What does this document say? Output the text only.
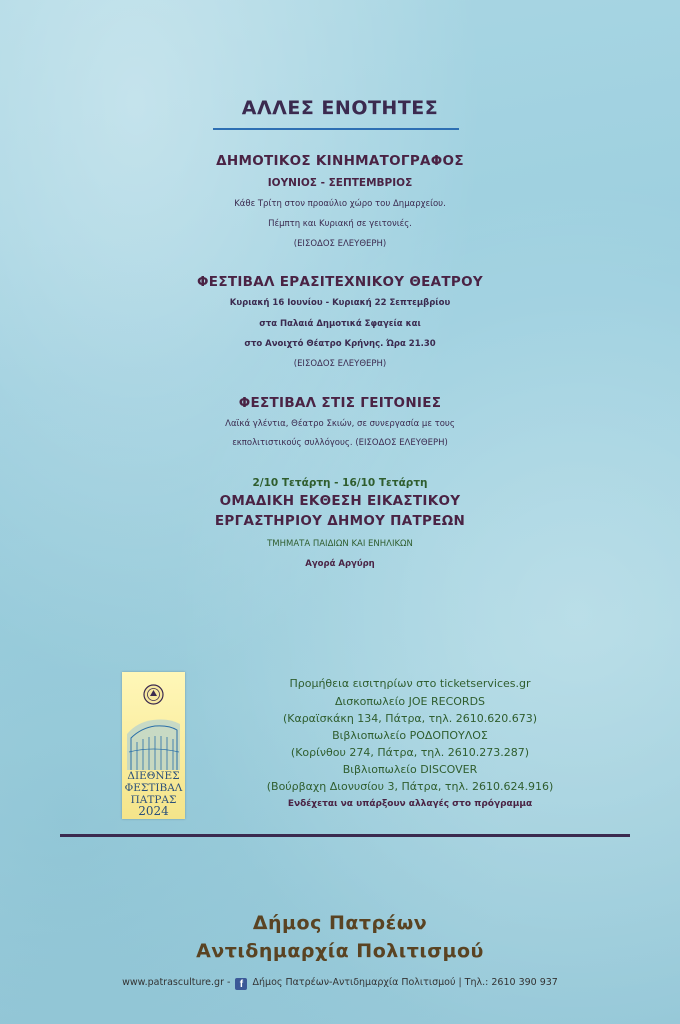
ΑΛΛΕΣ ΕΝΟΤΗΤΕΣ
ΔΗΜΟΤΙΚΟΣ ΚΙΝΗΜΑΤΟΓΡΑΦΟΣ
ΙΟΥΝΙΟΣ - ΣΕΠΤΕΜΒΡΙΟΣ
Κάθε Τρίτη στον προαύλιο χώρο του Δημαρχείου.
Πέμπτη και Κυριακή σε γειτονιές.
(ΕΙΣΟΔΟΣ ΕΛΕΥΘΕΡΗ)
ΦΕΣΤΙΒΑΛ ΕΡΑΣΙΤΕΧΝΙΚΟΥ ΘΕΑΤΡΟΥ
Κυριακή 16 Ιουνίου - Κυριακή 22 Σεπτεμβρίου
στα Παλαιά Δημοτικά Σφαγεία και
στο Ανοιχτό Θέατρο Κρήνης. Ώρα 21.30
(ΕΙΣΟΔΟΣ ΕΛΕΥΘΕΡΗ)
ΦΕΣΤΙΒΑΛ ΣΤΙΣ ΓΕΙΤΟΝΙΕΣ
Λαϊκά γλέντια, Θέατρο Σκιών, σε συνεργασία με τους
εκπολιτιστικούς συλλόγους. (ΕΙΣΟΔΟΣ ΕΛΕΥΘΕΡΗ)
2/10 Τετάρτη - 16/10 Τετάρτη
ΟΜΑΔΙΚΗ ΕΚΘΕΣΗ ΕΙΚΑΣΤΙΚΟΥ
ΕΡΓΑΣΤΗΡΙΟΥ ΔΗΜΟΥ ΠΑΤΡΕΩΝ
ΤΜΗΜΑΤΑ ΠΑΙΔΙΩΝ ΚΑΙ ΕΝΗΛΙΚΩΝ
Αγορά Αργύρη
ΔΙΕΘΝΕΣ
ΦΕΣΤΙΒΑΛ
ΠΑΤΡΑΣ
2024
Προμήθεια εισιτηρίων στο ticketservices.gr
Δισκοπωλείο JOE RECORDS
(Καραϊσκάκη 134, Πάτρα, τηλ. 2610.620.673)
Βιβλιοπωλείο ΡΟΔΟΠΟΥΛΟΣ
(Κορίνθου 274, Πάτρα, τηλ. 2610.273.287)
Βιβλιοπωλείο DISCOVER
(Βούρβαχη Διονυσίου 3, Πάτρα, τηλ. 2610.624.916)
Ενδέχεται να υπάρξουν αλλαγές στο πρόγραμμα
Δήμος Πατρέων
Αντιδημαρχία Πολιτισμού
www.patrasculture.gr - f Δήμος Πατρέων-Αντιδημαρχία Πολιτισμού | Τηλ.: 2610 390 937
